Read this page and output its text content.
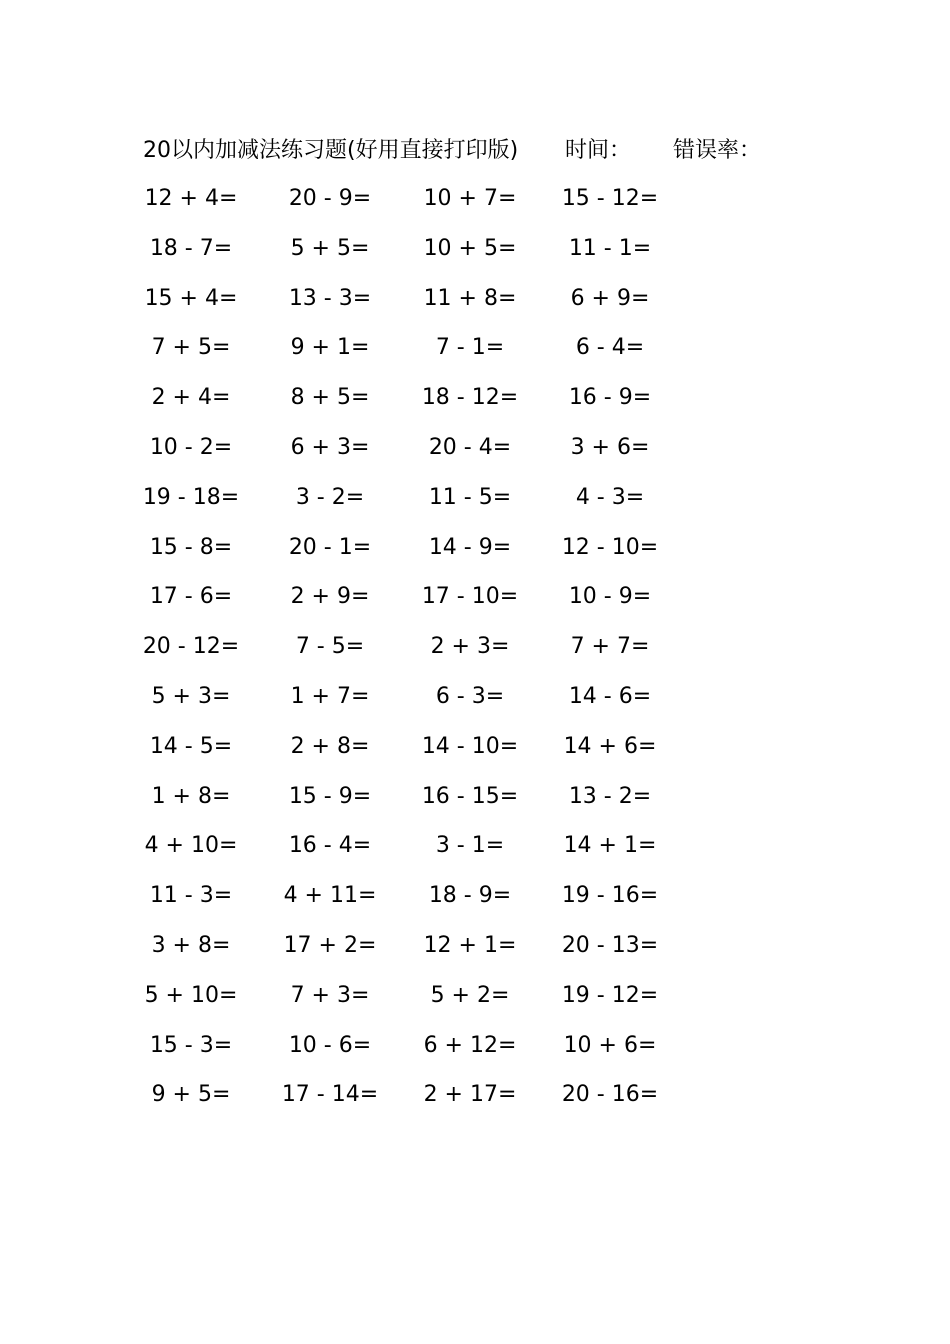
20以内加减法练习题(好用直接打印版) 时间： 错误率：
12 + 4=	20 - 9=	10 + 7=	15 - 12=
18 - 7=	5 + 5=	10 + 5=	11 - 1=
15 + 4=	13 - 3=	11 + 8=	6 + 9=
7 + 5=	9 + 1=	7 - 1=	6 - 4=
2 + 4=	8 + 5=	18 - 12=	16 - 9=
10 - 2=	6 + 3=	20 - 4=	3 + 6=
19 - 18=	3 - 2=	11 - 5=	4 - 3=
15 - 8=	20 - 1=	14 - 9=	12 - 10=
17 - 6=	2 + 9=	17 - 10=	10 - 9=
20 - 12=	7 - 5=	2 + 3=	7 + 7=
5 + 3=	1 + 7=	6 - 3=	14 - 6=
14 - 5=	2 + 8=	14 - 10=	14 + 6=
1 + 8=	15 - 9=	16 - 15=	13 - 2=
4 + 10=	16 - 4=	3 - 1=	14 + 1=
11 - 3=	4 + 11=	18 - 9=	19 - 16=
3 + 8=	17 + 2=	12 + 1=	20 - 13=
5 + 10=	7 + 3=	5 + 2=	19 - 12=
15 - 3=	10 - 6=	6 + 12=	10 + 6=
9 + 5=	17 - 14=	2 + 17=	20 - 16=
